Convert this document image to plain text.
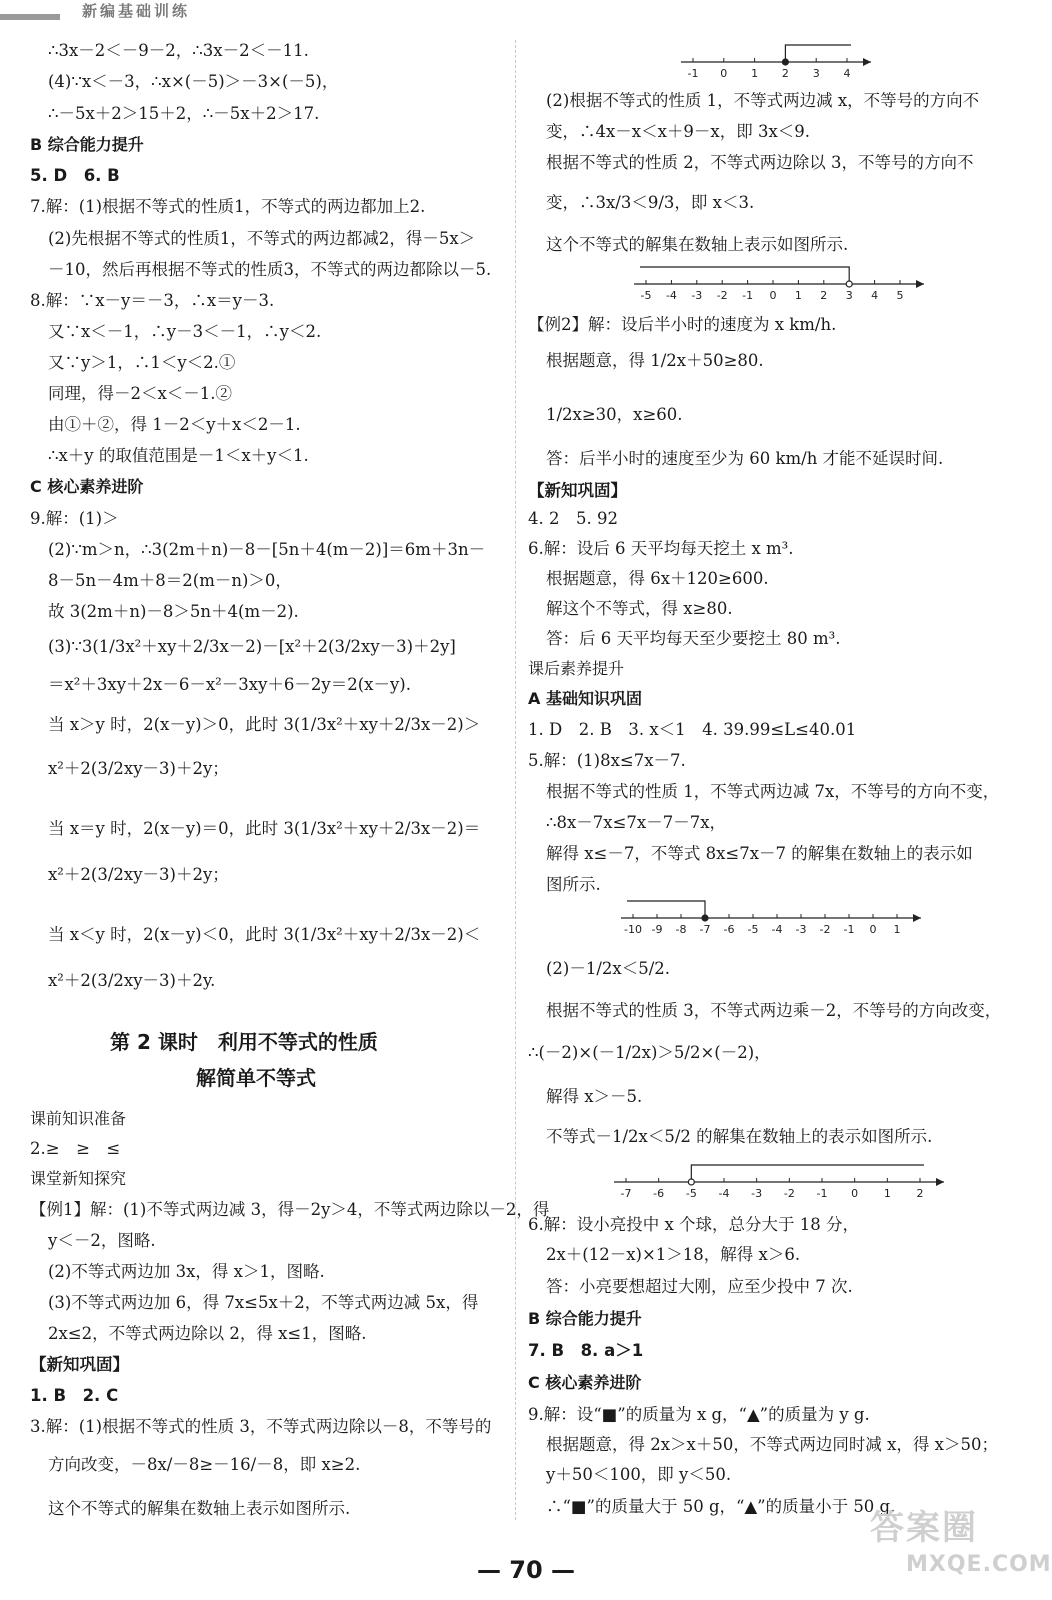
新编基础训练
∴3x－2＜－9－2，∴3x－2＜－11.
(4)∵x＜－3，∴x×(－5)＞－3×(－5)，
∴－5x＋2＞15＋2，∴－5x＋2＞17.
B 综合能力提升
5. D　6. B
7.解：(1)根据不等式的性质1，不等式的两边都加上2.
(2)先根据不等式的性质1，不等式的两边都减2，得－5x＞
－10，然后再根据不等式的性质3，不等式的两边都除以－5.
8.解：∵x－y＝－3，∴x＝y－3.
又∵x＜－1，∴y－3＜－1，∴y＜2.
又∵y＞1，∴1＜y＜2.①
同理，得－2＜x＜－1.②
由①＋②，得 1－2＜y＋x＜2－1.
∴x＋y 的取值范围是－1＜x＋y＜1.
C 核心素养进阶
9.解：(1)＞
(2)∵m＞n，∴3(2m＋n)－8－[5n＋4(m－2)]＝6m＋3n－
8－5n－4m＋8＝2(m－n)＞0，
故 3(2m＋n)－8＞5n＋4(m－2).
(3)∵3(1/3x²＋xy＋2/3x－2)－[x²＋2(3/2xy－3)＋2y]
＝x²＋3xy＋2x－6－x²－3xy＋6－2y＝2(x－y).
当 x＞y 时，2(x－y)＞0，此时 3(1/3x²＋xy＋2/3x－2)＞
x²＋2(3/2xy－3)＋2y；
当 x＝y 时，2(x－y)＝0，此时 3(1/3x²＋xy＋2/3x－2)＝
x²＋2(3/2xy－3)＋2y；
当 x＜y 时，2(x－y)＜0，此时 3(1/3x²＋xy＋2/3x－2)＜
x²＋2(3/2xy－3)＋2y.
第 2 课时　利用不等式的性质
解简单不等式
课前知识准备
2.≥　≥　≤
课堂新知探究
【例1】解：(1)不等式两边减 3，得－2y＞4，不等式两边除以－2，得
y＜－2，图略.
(2)不等式两边加 3x，得 x＞1，图略.
(3)不等式两边加 6，得 7x≤5x＋2，不等式两边减 5x，得
2x≤2，不等式两边除以 2，得 x≤1，图略.
【新知巩固】
1. B　2. C
3.解：(1)根据不等式的性质 3，不等式两边除以－8，不等号的
方向改变，－8x/－8≥－16/－8，即 x≥2.
这个不等式的解集在数轴上表示如图所示.
-1 0 1 2 3 4
(2)根据不等式的性质 1，不等式两边减 x，不等号的方向不
变，∴4x－x＜x＋9－x，即 3x＜9.
根据不等式的性质 2，不等式两边除以 3，不等号的方向不
变，∴3x/3＜9/3，即 x＜3.
这个不等式的解集在数轴上表示如图所示.
-5 -4 -3 -2 -1 0 1 2 3 4 5
【例2】解：设后半小时的速度为 x km/h.
根据题意，得 1/2x＋50≥80.
1/2x≥30，x≥60.
答：后半小时的速度至少为 60 km/h 才能不延误时间.
【新知巩固】
4. 2　5. 92
6.解：设后 6 天平均每天挖土 x m³.
根据题意，得 6x＋120≥600.
解这个不等式，得 x≥80.
答：后 6 天平均每天至少要挖土 80 m³.
课后素养提升
A 基础知识巩固
1. D　2. B　3. x＜1　4. 39.99≤L≤40.01
5.解：(1)8x≤7x－7.
根据不等式的性质 1，不等式两边减 7x，不等号的方向不变，
∴8x－7x≤7x－7－7x，
解得 x≤－7，不等式 8x≤7x－7 的解集在数轴上的表示如
图所示.
-10 -9 -8 -7 -6 -5 -4 -3 -2 -1 0 1
(2)－1/2x＜5/2.
根据不等式的性质 3，不等式两边乘－2，不等号的方向改变，
∴(－2)×(－1/2x)＞5/2×(－2)，
解得 x＞－5.
不等式－1/2x＜5/2 的解集在数轴上的表示如图所示.
-7 -6 -5 -4 -3 -2 -1 0 1 2
6.解：设小亮投中 x 个球，总分大于 18 分，
2x＋(12－x)×1＞18，解得 x＞6.
答：小亮要想超过大刚，应至少投中 7 次.
B 综合能力提升
7. B　8. a＞1
C 核心素养进阶
9.解：设“■”的质量为 x g，“▲”的质量为 y g.
根据题意，得 2x＞x＋50，不等式两边同时减 x，得 x＞50；
y＋50＜100，即 y＜50.
∴“■”的质量大于 50 g，“▲”的质量小于 50 g.
— 70 —
答案圈
MXQE.COM
